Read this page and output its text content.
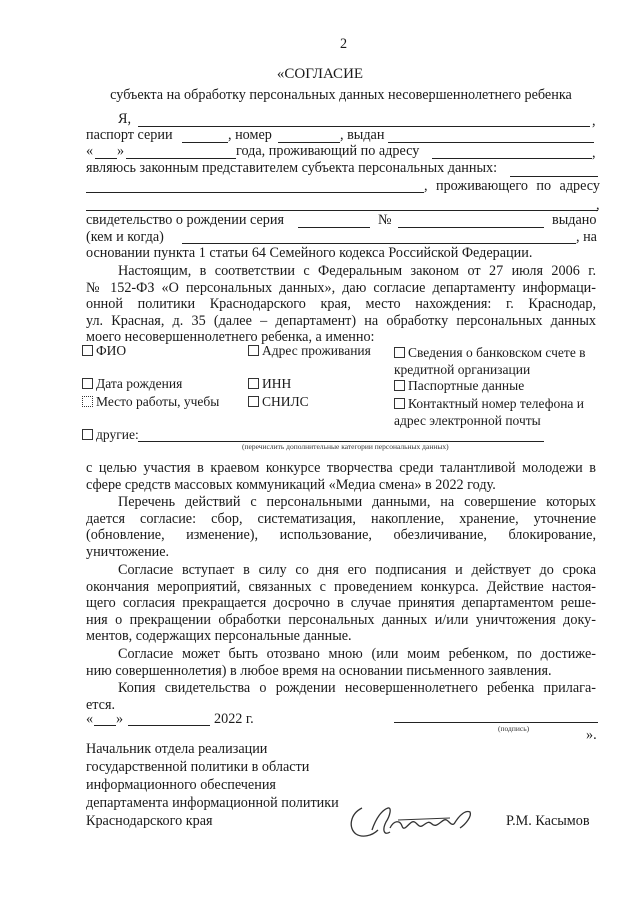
2
«СОГЛАСИЕ
субъекта на обработку персональных данных несовершеннолетнего ребенка
Я,	,
паспорт серии	, номер	, выдан
« »	года, проживающий по адресу	,
являюсь законным представителем субъекта персональных данных:
, проживающего по адресу
,
свидетельство о рождении серия	№	выдано
(кем и когда)	, на
основании пункта 1 статьи 64 Семейного кодекса Российской Федерации.
Настоящим, в соответствии с Федеральным законом от 27 июля 2006 г.
№ 152-ФЗ «О персональных данных», даю согласие департаменту информаци-
онной политики Краснодарского края, место нахождения: г. Краснодар,
ул. Красная, д. 35 (далее – департамент) на обработку персональных данных
моего несовершеннолетнего ребенка, а именно:
ФИО	Адрес проживания	Сведения о банковском счете в
кредитной организации
Дата рождения	ИНН	Паспортные данные
Место работы, учебы	СНИЛС	Контактный номер телефона и
адрес электронной почты
другие:
(перечислить дополнительные категории персональных данных)
с целью участия в краевом конкурсе творчества среди талантливой молодежи в
сфере средств массовых коммуникаций «Медиа смена» в 2022 году.
Перечень действий с персональными данными, на совершение которых
дается согласие: сбор, систематизация, накопление, хранение, уточнение
(обновление, изменение), использование, обезличивание, блокирование,
уничтожение.
Согласие вступает в силу со дня его подписания и действует до срока
окончания мероприятий, связанных с проведением конкурса. Действие настоя-
щего согласия прекращается досрочно в случае принятия департаментом реше-
ния о прекращении обработки персональных данных и/или уничтожения доку-
ментов, содержащих персональные данные.
Согласие может быть отозвано мною (или моим ребенком, по достиже-
нию совершеннолетия) в любое время на основании письменного заявления.
Копия свидетельства о рождении несовершеннолетнего ребенка прилага-
ется.
« »	2022 г.
(подпись)	».
Начальник отдела реализации
государственной политики в области
информационного обеспечения
департамента информационной политики
Краснодарского края	Р.М. Касымов
